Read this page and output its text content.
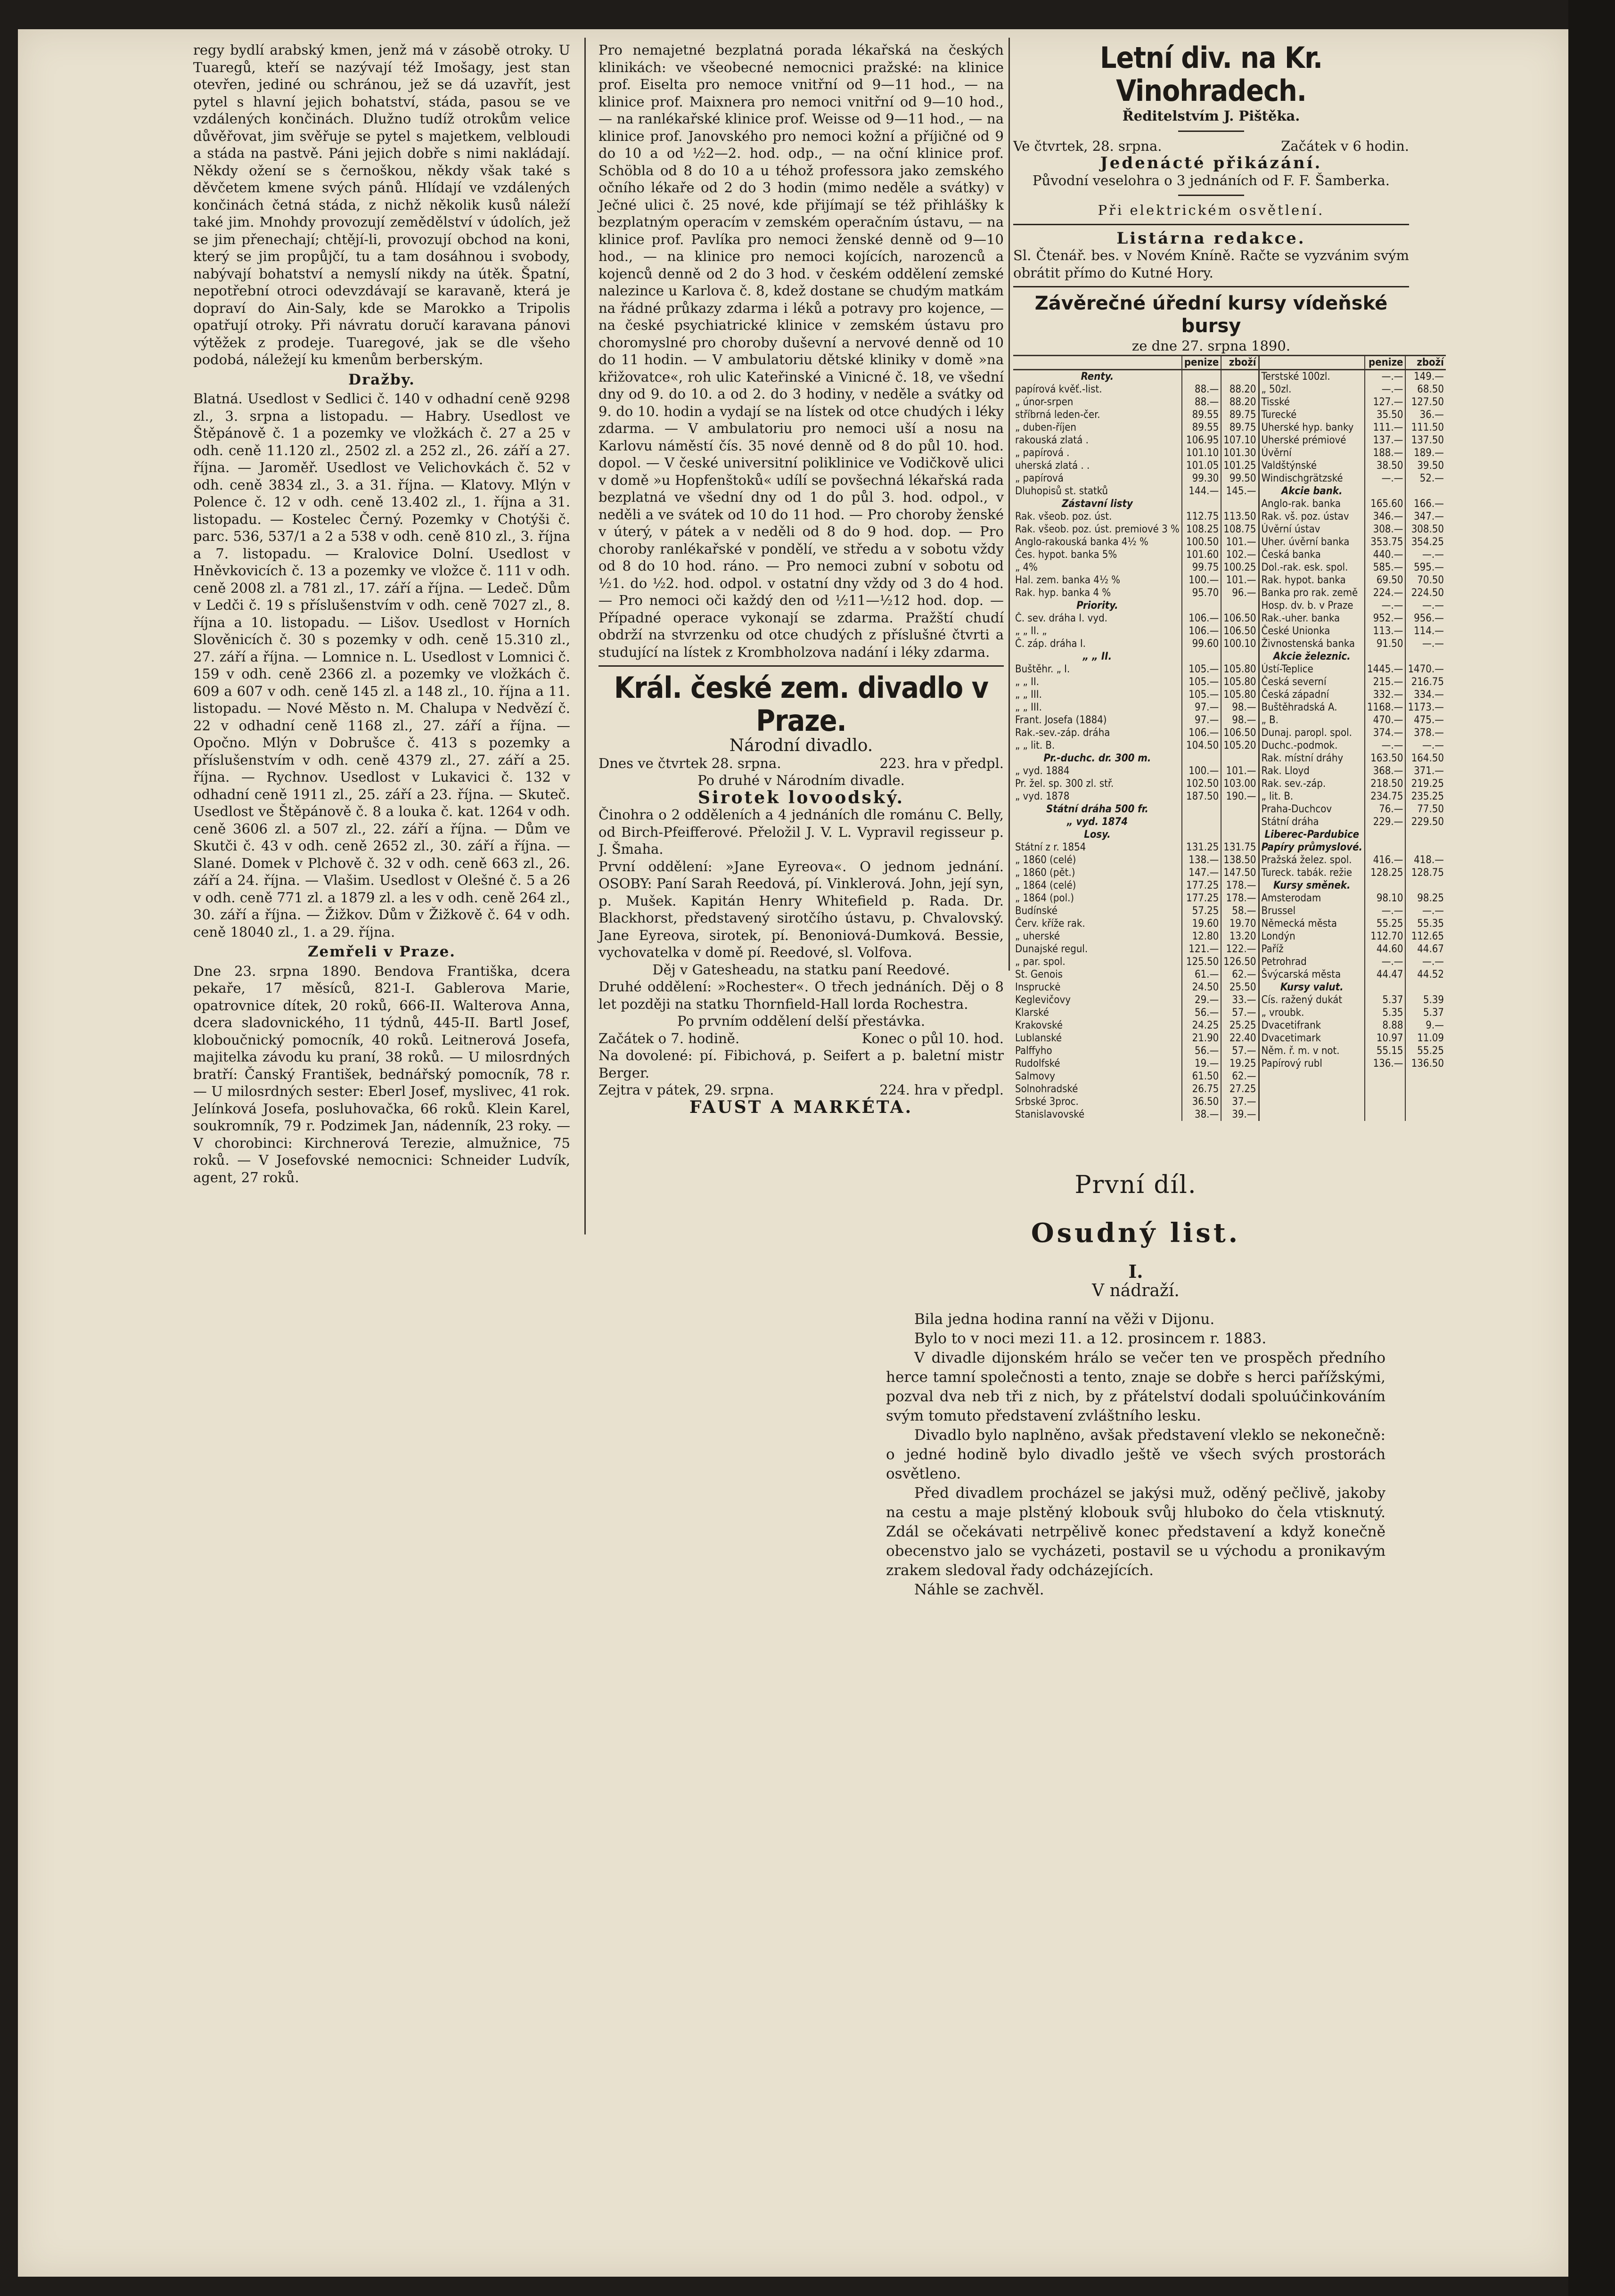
regy bydlí arabský kmen, jenž má v zásobě otroky. U Tuaregů, kteří se nazývají též Imošagy, jest stan otevřen, jediné ou schránou, jež se dá uzavřít, jest pytel s hlavní jejich bohatství, stáda, pasou se ve vzdálených končinách. Dlužno tudíž otrokům velice důvěřovat, jim svěřuje se pytel s majetkem, velbloudi a stáda na pastvě. Páni jejich dobře s nimi nakládají. Někdy ožení se s černoškou, někdy však také s děvčetem kmene svých pánů. Hlídají ve vzdálených končinách četná stáda, z nichž několik kusů náleží také jim. Mnohdy provozují zemědělství v údolích, jež se jim přenechají; chtějí-li, provozují obchod na koni, který se jim propůjčí, tu a tam dosáhnou i svobody, nabývají bohatství a nemyslí nikdy na útěk. Špatní, nepotřební otroci odevzdávají se karavaně, která je dopraví do Ain-Saly, kde se Marokko a Tripolis opatřují otroky. Při návratu doručí karavana pánovi výtěžek z prodeje. Tuaregové, jak se dle všeho podobá, náležejí ku kmenům berberským.

Dražby.

Blatná. Usedlost v Sedlici č. 140 v odhadní ceně 9298 zl., 3. srpna a listopadu. — Habry. Usedlost ve Štěpánově č. 1 a pozemky ve vložkách č. 27 a 25 v odh. ceně 11.120 zl., 2502 zl. a 252 zl., 26. září a 27. října. — Jaroměř. Usedlost ve Velichovkách č. 52 v odh. ceně 3834 zl., 3. a 31. října. — Klatovy. Mlýn v Polence č. 12 v odh. ceně 13.402 zl., 1. října a 31. listopadu. — Kostelec Černý. Pozemky v Chotýši č. parc. 536, 537/1 a 2 a 538 v odh. ceně 810 zl., 3. října a 7. listopadu. — Kralovice Dolní. Usedlost v Hněvkovicích č. 13 a pozemky ve vložce č. 111 v odh. ceně 2008 zl. a 781 zl., 17. září a října. — Ledeč. Dům v Ledči č. 19 s příslušenstvím v odh. ceně 7027 zl., 8. října a 10. listopadu. — Lišov. Usedlost v Horních Slověnicích č. 30 s pozemky v odh. ceně 15.310 zl., 27. září a října. — Lomnice n. L. Usedlost v Lomnici č. 159 v odh. ceně 2366 zl. a pozemky ve vložkách č. 609 a 607 v odh. ceně 145 zl. a 148 zl., 10. října a 11. listopadu. — Nové Město n. M. Chalupa v Nedvězí č. 22 v odhadní ceně 1168 zl., 27. září a října. — Opočno. Mlýn v Dobrušce č. 413 s pozemky a příslušenstvím v odh. ceně 4379 zl., 27. září a 25. října. — Rychnov. Usedlost v Lukavici č. 132 v odhadní ceně 1911 zl., 25. září a 23. října. — Skuteč. Usedlost ve Štěpánově č. 8 a louka č. kat. 1264 v odh. ceně 3606 zl. a 507 zl., 22. září a října. — Dům ve Skutči č. 43 v odh. ceně 2652 zl., 30. září a října. — Slané. Domek v Plchově č. 32 v odh. ceně 663 zl., 26. září a 24. října. — Vlašim. Usedlost v Olešné č. 5 a 26 v odh. ceně 771 zl. a 1879 zl. a les v odh. ceně 264 zl., 30. září a října. — Žižkov. Dům v Žižkově č. 64 v odh. ceně 18040 zl., 1. a 29. října.

Zemřeli v Praze.

Dne 23. srpna 1890. Bendova Františka, dcera pekaře, 17 měsíců, 821-I. Gablerova Marie, opatrovnice dítek, 20 roků, 666-II. Walterova Anna, dcera sladovnického, 11 týdnů, 445-II. Bartl Josef, kloboučnický pomocník, 40 roků. Leitnerová Josefa, majitelka závodu ku praní, 38 roků. — U milosrdných bratří: Čanský František, bednářský pomocník, 78 r. — U milosrdných sester: Eberl Josef, myslivec, 41 rok. Jelínková Josefa, posluhovačka, 66 roků. Klein Karel, soukromník, 79 r. Podzimek Jan, nádenník, 23 roky. — V chorobinci: Kirchnerová Terezie, almužnice, 75 roků. — V Josefovské nemocnici: Schneider Ludvík, agent, 27 roků.

Pro nemajetné bezplatná porada lékařská na českých klinikách: ve všeobecné nemocnici pražské: na klinice prof. Eiselta pro nemoce vnitřní od 9—11 hod., — na klinice prof. Maixnera pro nemoci vnitřní od 9—10 hod., — na ranlékařské klinice prof. Weisse od 9—11 hod., — na klinice prof. Janovského pro nemoci kožní a příjičné od 9 do 10 a od ½2—2. hod. odp., — na oční klinice prof. Schöbla od 8 do 10 a u téhož professora jako zemského očního lékaře od 2 do 3 hodin (mimo neděle a svátky) v Ječné ulici č. 25 nové, kde přijímají se též přihlášky k bezplatným operacím v zemském operačním ústavu, — na klinice prof. Pavlíka pro nemoci ženské denně od 9—10 hod., — na klinice pro nemoci kojících, narozenců a kojenců denně od 2 do 3 hod. v českém oddělení zemské nalezince u Karlova č. 8, kdež dostane se chudým matkám na řádné průkazy zdarma i léků a potravy pro kojence, — na české psychiatrické klinice v zemském ústavu pro choromyslné pro choroby duševní a nervové denně od 10 do 11 hodin. — V ambulatoriu dětské kliniky v domě »na křižovatce«, roh ulic Kateřinské a Vinicné č. 18, ve všední dny od 9. do 10. a od 2. do 3 hodiny, v neděle a svátky od 9. do 10. hodin a vydají se na lístek od otce chudých i léky zdarma. — V ambulatoriu pro nemoci uší a nosu na Karlovu náměstí čís. 35 nové denně od 8 do půl 10. hod. dopol. — V české universitní poliklinice ve Vodičkově ulici v domě »u Hopfenštoků« udílí se povšechná lékařská rada bezplatná ve všední dny od 1 do půl 3. hod. odpol., v neděli a ve svátek od 10 do 11 hod. — Pro choroby ženské v úterý, v pátek a v neděli od 8 do 9 hod. dop. — Pro choroby ranlékařské v pondělí, ve středu a v sobotu vždy od 8 do 10 hod. ráno. — Pro nemoci zubní v sobotu od ½1. do ½2. hod. odpol. v ostatní dny vždy od 3 do 4 hod. — Pro nemoci oči každý den od ½11—½12 hod. dop. — Případné operace vykonají se zdarma. Pražští chudí obdrží na stvrzenku od otce chudých z příslušné čtvrti a studující na lístek z Krombholzova nadání i léky zdarma.

Král. české zem. divadlo v Praze.
Národní divadlo.
Dnes ve čtvrtek 28. srpna.	223. hra v předpl.
Po druhé v Národním divadle.
Sirotek lovoodský.

Činohra o 2 odděleních a 4 jednáních dle románu C. Belly, od Birch-Pfeifferové. Přeložil J. V. L. Vypravil regisseur p. J. Šmaha.

První oddělení: »Jane Eyreova«. O jednom jednání. OSOBY: Paní Sarah Reedová, pí. Vinklerová. John, její syn, p. Mušek. Kapitán Henry Whitefield p. Rada. Dr. Blackhorst, představený sirotčího ústavu, p. Chvalovský. Jane Eyreova, sirotek, pí. Benoniová-Dumková. Bessie, vychovatelka v domě pí. Reedové, sl. Volfova.

Děj v Gatesheadu, na statku paní Reedové.

Druhé oddělení: »Rochester«. O třech jednáních. Děj o 8 let později na statku Thornfield-Hall lorda Rochestra.

Po prvním oddělení delší přestávka.
Začátek o 7. hodině.	Konec o půl 10. hod.

Na dovolené: pí. Fibichová, p. Seifert a p. baletní mistr Berger.

Zejtra v pátek, 29. srpna.	224. hra v předpl.
FAUST A MARKÉTA.
Letní div. na Kr. Vinohradech.
Ředitelstvím J. Pištěka.
Ve čtvrtek, 28. srpna.	Začátek v 6 hodin.
Jedenácté přikázání.
Původní veselohra o 3 jednáních od F. F. Šamberka.
Při elektrickém osvětlení.
Listárna redakce.

Sl. Čtenář. bes. v Novém Kníně. Račte se vyzvánim svým obrátit přímo do Kutné Hory.

Závěrečné úřední kursy vídeňské bursy
ze dne 27. srpna 1890.
	penize	zboží		penize	zboží
Renty.			Terstské 100zl.	—.—	149.—
papírová kvěť.-list.	88.—	88.20	„ 50zl.	—.—	68.50
„ únor-srpen	88.—	88.20	Tisské	127.—	127.50
stříbrná leden-čer.	89.55	89.75	Turecké	35.50	36.—
„ duben-říjen	89.55	89.75	Uherské hyp. banky	111.—	111.50
rakouská zlatá .	106.95	107.10	Uherské prémiové	137.—	137.50
„ papírová .	101.10	101.30	Úvěrní	188.—	189.—
uherská zlatá . .	101.05	101.25	Valdštýnské	38.50	39.50
„ papírová	99.30	99.50	Windischgrätzské	—.—	52.—
Dluhopisů st. statků	144.—	145.—	Akcie bank.		
Zástavní listy			Anglo-rak. banka	165.60	166.—
Rak. všeob. poz. úst.	112.75	113.50	Rak. vš. poz. ústav	346.—	347.—
Rak. všeob. poz. úst. premiové 3 %	108.25	108.75	Úvěrní ústav	308.—	308.50
Anglo-rakouská banka 4½ %	100.50	101.—	Uher. úvěrní banka	353.75	354.25
Čes. hypot. banka 5%	101.60	102.—	Česká banka	440.—	—.—
„ 4%	99.75	100.25	Dol.-rak. esk. spol.	585.—	595.—
Hal. zem. banka 4½ %	100.—	101.—	Rak. hypot. banka	69.50	70.50
Rak. hyp. banka 4 %	95.70	96.—	Banka pro rak. země	224.—	224.50
Priority.			Hosp. dv. b. v Praze	—.—	—.—
Č. sev. dráha I. vyd.	106.—	106.50	Rak.-uher. banka	952.—	956.—
„ „ II. „	106.—	106.50	České Unionka	113.—	114.—
Č. záp. dráha I.	99.60	100.10	Živnostenská banka	91.50	—.—
„ „ II.			Akcie železnic.		
Buštěhr. „ I.	105.—	105.80	Ústí-Teplice	1445.—	1470.—
„ „ II.	105.—	105.80	Česká severní	215.—	216.75
„ „ III.	105.—	105.80	Česká západní	332.—	334.—
„ „ III.	97.—	98.—	Buštěhradská A.	1168.—	1173.—
Frant. Josefa (1884)	97.—	98.—	„ B.	470.—	475.—
Rak.-sev.-záp. dráha	106.—	106.50	Dunaj. paropl. spol.	374.—	378.—
„ „ lit. B.	104.50	105.20	Duchc.-podmok.	—.—	—.—
Pr.-duchc. dr. 300 m.			Rak. místní dráhy	163.50	164.50
„ vyd. 1884	100.—	101.—	Rak. Lloyd	368.—	371.—
Pr. žel. sp. 300 zl. stř.	102.50	103.00	Rak. sev.-záp.	218.50	219.25
„ vyd. 1878	187.50	190.—	„ lit. B.	234.75	235.25
Státní dráha 500 fr.			Praha-Duchcov	76.—	77.50
„ vyd. 1874			Státní dráha	229.—	229.50
Losy.			Liberec-Pardubice		
Státní z r. 1854	131.25	131.75	Papíry průmyslové.		
„ 1860 (celé)	138.—	138.50	Pražská želez. spol.	416.—	418.—
„ 1860 (pět.)	147.—	147.50	Tureck. tabák. režie	128.25	128.75
„ 1864 (celé)	177.25	178.—	Kursy směnek.		
„ 1864 (pol.)	177.25	178.—	Amsterodam	98.10	98.25
Budínské	57.25	58.—	Brussel	—.—	—.—
Červ. kříže rak.	19.60	19.70	Německá města	55.25	55.35
„ uherské	12.80	13.20	Londýn	112.70	112.65
Dunajské regul.	121.—	122.—	Paříž	44.60	44.67
„ par. spol.	125.50	126.50	Petrohrad	—.—	—.—
St. Genois	61.—	62.—	Švýcarská města	44.47	44.52
Inspruckė	24.50	25.50	Kursy valut.		
Keglevičovy	29.—	33.—	Cís. ražený dukát	5.37	5.39
Klarské	56.—	57.—	„ vroubk.	5.35	5.37
Krakovské	24.25	25.25	Dvacetifrank	8.88	9.—
Lublanské	21.90	22.40	Dvacetimark	10.97	11.09
Palffyho	56.—	57.—	Něm. ř. m. v not.	55.15	55.25
Rudolfské	19.—	19.25	Papírový rubl	136.—	136.50
Salmovy	61.50	62.—			
Solnohradské	26.75	27.25			
Srbské 3proc.	36.50	37.—			
Stanislavovské	38.—	39.—			
První díl.
Osudný list.

I.

V nádraží.

Bila jedna hodina ranní na věži v Dijonu.

Bylo to v noci mezi 11. a 12. prosincem r. 1883.

V divadle dijonském hrálo se večer ten ve prospěch předního herce tamní společnosti a tento, znaje se dobře s herci pařížskými, pozval dva neb tři z nich, by z přátelství dodali spoluúčinkováním svým tomuto představení zvláštního lesku.

Divadlo bylo naplněno, avšak představení vleklo se nekonečně: o jedné hodině bylo divadlo ještě ve všech svých prostorách osvětleno.

Před divadlem procházel se jakýsi muž, oděný pečlivě, jakoby na cestu a maje plstěný klobouk svůj hluboko do čela vtisknutý. Zdál se očekávati netrpělivě konec představení a když konečně obecenstvo jalo se vycházeti, postavil se u východu a pronikavým zrakem sledoval řady odcházejících.

Náhle se zachvěl.
